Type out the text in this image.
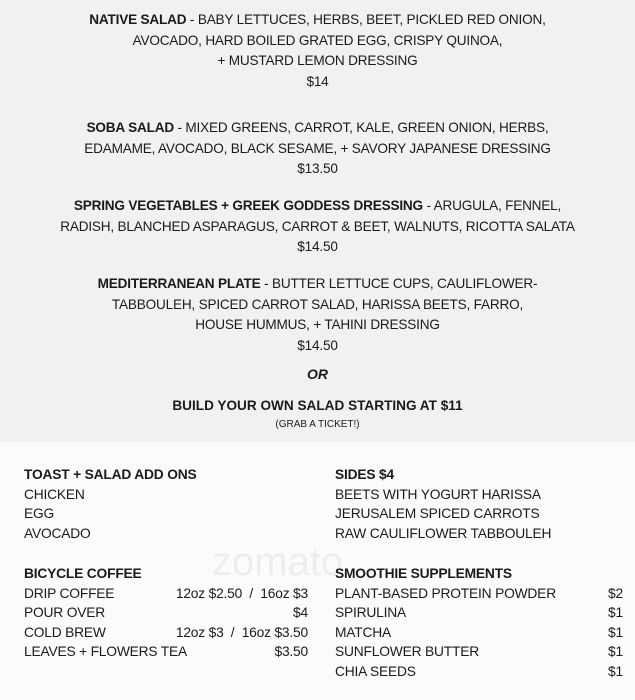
zomato
NATIVE SALAD - BABY LETTUCES, HERBS, BEET, PICKLED RED ONION,
AVOCADO, HARD BOILED GRATED EGG, CRISPY QUINOA,
+ MUSTARD LEMON DRESSING
$14
SOBA SALAD - MIXED GREENS, CARROT, KALE, GREEN ONION, HERBS,
EDAMAME, AVOCADO, BLACK SESAME, + SAVORY JAPANESE DRESSING
$13.50
SPRING VEGETABLES + GREEK GODDESS DRESSING - ARUGULA, FENNEL,
RADISH, BLANCHED ASPARAGUS, CARROT & BEET, WALNUTS, RICOTTA SALATA
$14.50
MEDITERRANEAN PLATE - BUTTER LETTUCE CUPS, CAULIFLOWER-
TABBOULEH, SPICED CARROT SALAD, HARISSA BEETS, FARRO,
HOUSE HUMMUS, + TAHINI DRESSING
$14.50
OR
BUILD YOUR OWN SALAD STARTING AT $11
(GRAB A TICKET!)
TOAST + SALAD ADD ONS
CHICKEN
EGG
AVOCADO
SIDES $4
BEETS WITH YOGURT HARISSA
JERUSALEM SPICED CARROTS
RAW CAULIFLOWER TABBOULEH
BICYCLE COFFEE
DRIP COFFEE	12oz $2.50  /  16oz $3
POUR OVER	$4
COLD BREW	12oz $3  /  16oz $3.50
LEAVES + FLOWERS TEA	$3.50
SMOOTHIE SUPPLEMENTS
PLANT-BASED PROTEIN POWDER	$2
SPIRULINA	$1
MATCHA	$1
SUNFLOWER BUTTER	$1
CHIA SEEDS	$1
